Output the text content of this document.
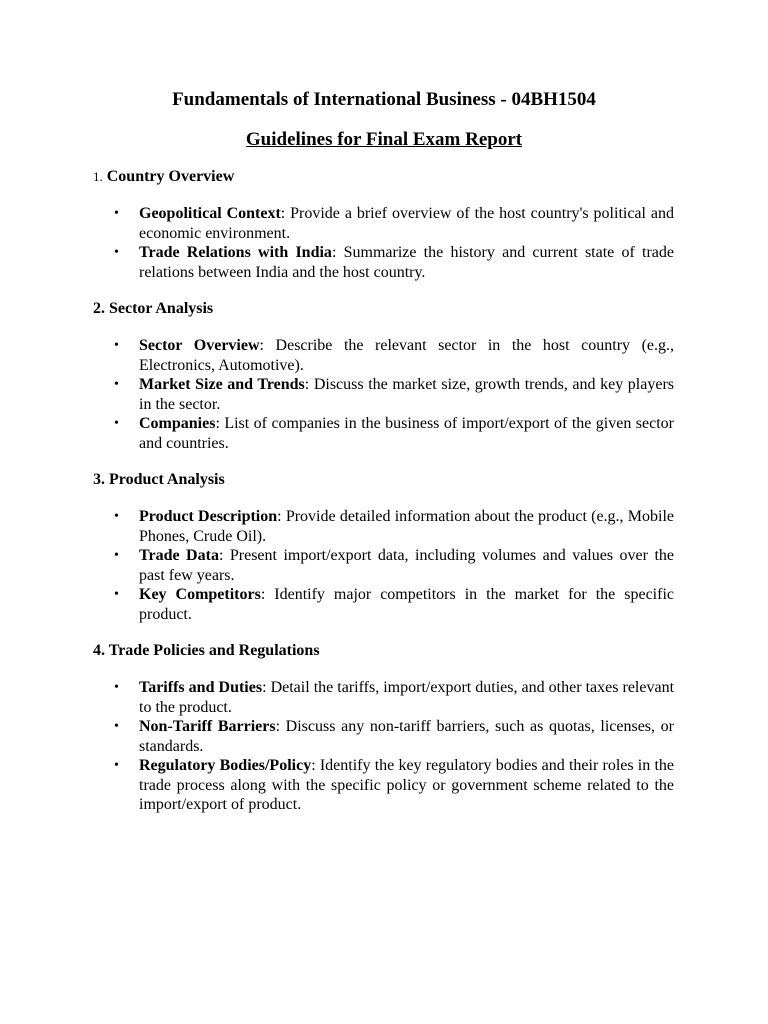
Fundamentals of International Business - 04BH1504
Guidelines for Final Exam Report
1. Country Overview
• Geopolitical Context: Provide a brief overview of the host country's political and economic environment.
• Trade Relations with India: Summarize the history and current state of trade relations between India and the host country.
2. Sector Analysis
• Sector Overview: Describe the relevant sector in the host country (e.g., Electronics, Automotive).
• Market Size and Trends: Discuss the market size, growth trends, and key players in the sector.
• Companies: List of companies in the business of import/export of the given sector and countries.
3. Product Analysis
• Product Description: Provide detailed information about the product (e.g., Mobile Phones, Crude Oil).
• Trade Data: Present import/export data, including volumes and values over the past few years.
• Key Competitors: Identify major competitors in the market for the specific product.
4. Trade Policies and Regulations
• Tariffs and Duties: Detail the tariffs, import/export duties, and other taxes relevant to the product.
• Non-Tariff Barriers: Discuss any non-tariff barriers, such as quotas, licenses, or standards.
• Regulatory Bodies/Policy: Identify the key regulatory bodies and their roles in the trade process along with the specific policy or government scheme related to the import/export of product.
